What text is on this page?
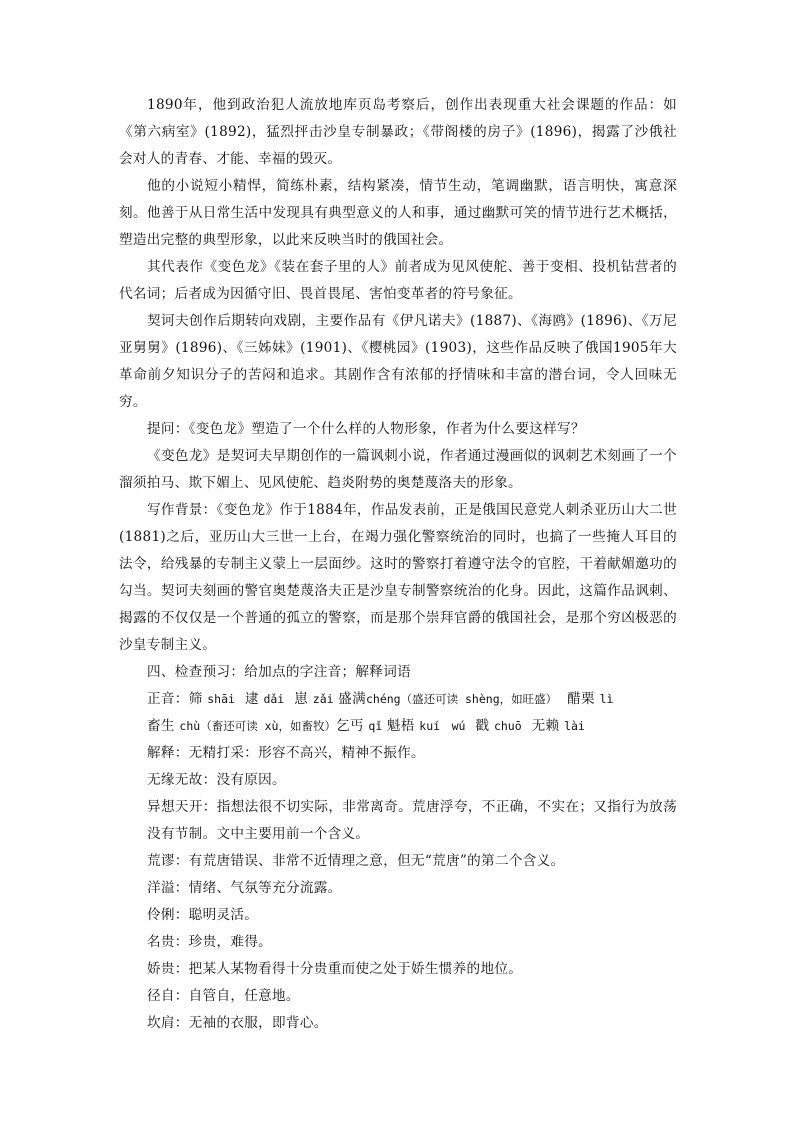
1890年，他到政治犯人流放地库页岛考察后，创作出表现重大社会课题的作品：如《第六病室》(1892)，猛烈抨击沙皇专制暴政；《带阁楼的房子》(1896)，揭露了沙俄社会对人的青春、才能、幸福的毁灭。

他的小说短小精悍，简练朴素，结构紧凑，情节生动，笔调幽默，语言明快，寓意深刻。他善于从日常生活中发现具有典型意义的人和事，通过幽默可笑的情节进行艺术概括，塑造出完整的典型形象，以此来反映当时的俄国社会。

其代表作《变色龙》《装在套子里的人》前者成为见风使舵、善于变相、投机钻营者的代名词；后者成为因循守旧、畏首畏尾、害怕变革者的符号象征。

契诃夫创作后期转向戏剧，主要作品有《伊凡诺夫》(1887)、《海鸥》(1896)、《万尼亚舅舅》(1896)、《三姊妹》(1901)、《樱桃园》(1903)，这些作品反映了俄国1905年大革命前夕知识分子的苦闷和追求。其剧作含有浓郁的抒情味和丰富的潜台词，令人回味无穷。

提问：《变色龙》塑造了一个什么样的人物形象，作者为什么要这样写？

《变色龙》是契诃夫早期创作的一篇讽刺小说，作者通过漫画似的讽刺艺术刻画了一个溜须拍马、欺下媚上、见风使舵、趋炎附势的奥楚蔑洛夫的形象。

写作背景：《变色龙》作于1884年，作品发表前，正是俄国民意党人刺杀亚历山大二世(1881)之后，亚历山大三世一上台，在竭力强化警察统治的同时，也搞了一些掩人耳目的法令，给残暴的专制主义蒙上一层面纱。这时的警察打着遵守法令的官腔，干着献媚邀功的勾当。契诃夫刻画的警官奥楚蔑洛夫正是沙皇专制警察统治的化身。因此，这篇作品讽刺、揭露的不仅仅是一个普通的孤立的警察，而是那个崇拜官爵的俄国社会，是那个穷凶极恶的沙皇专制主义。

四、检查预习：给加点的字注音；解释词语

正音：筛 shāi 逮 dǎi 崽 zǎi 盛满chéng（盛还可读 shèng，如旺盛） 醋栗 lì

畜生 chù（畜还可读 xù，如畜牧）乞丐 qǐ 魁梧 kuí　wú 戳 chuō 无赖 lài

解释：无精打采：形容不高兴，精神不振作。

无缘无故：没有原因。

异想天开：指想法很不切实际，非常离奇。荒唐浮夸，不正确，不实在；又指行为放荡没有节制。文中主要用前一个含义。

荒谬：有荒唐错误、非常不近情理之意，但无“荒唐”的第二个含义。

洋溢：情绪、气氛等充分流露。

伶俐：聪明灵活。

名贵：珍贵，难得。

娇贵：把某人某物看得十分贵重而使之处于娇生惯养的地位。

径自：自管自，任意地。

坎肩：无袖的衣服，即背心。
